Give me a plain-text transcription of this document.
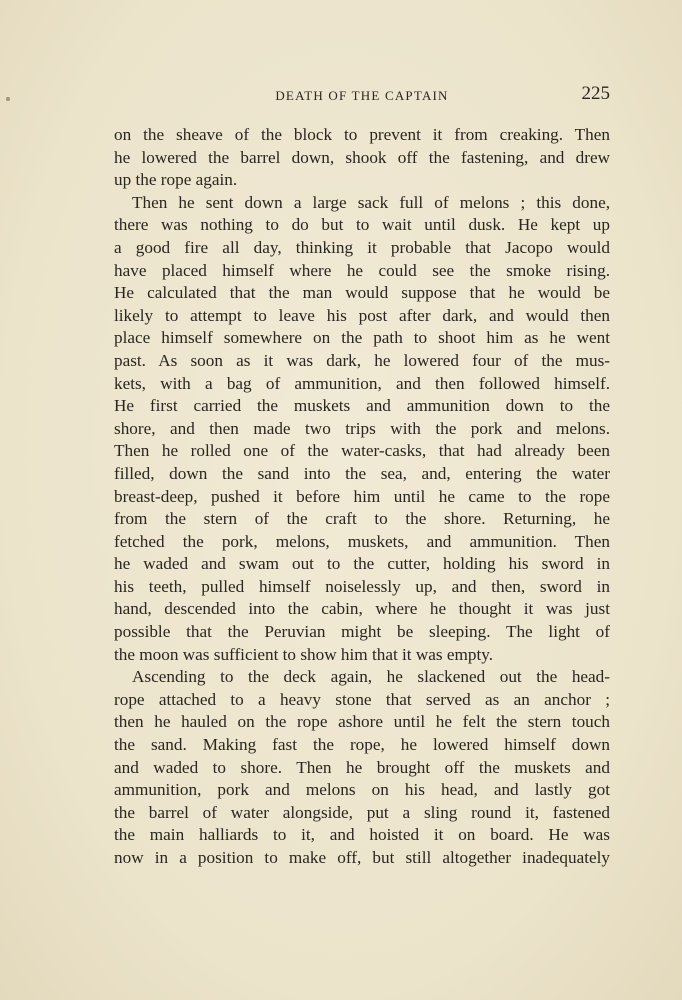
DEATH OF THE CAPTAIN	225
on the sheave of the block to prevent it from creaking. Then
he lowered the barrel down, shook off the fastening, and drew
up the rope again.
Then he sent down a large sack full of melons ; this done,
there was nothing to do but to wait until dusk. He kept up
a good fire all day, thinking it probable that Jacopo would
have placed himself where he could see the smoke rising.
He calculated that the man would suppose that he would be
likely to attempt to leave his post after dark, and would then
place himself somewhere on the path to shoot him as he went
past. As soon as it was dark, he lowered four of the mus-
kets, with a bag of ammunition, and then followed himself.
He first carried the muskets and ammunition down to the
shore, and then made two trips with the pork and melons.
Then he rolled one of the water-casks, that had already been
filled, down the sand into the sea, and, entering the water
breast-deep, pushed it before him until he came to the rope
from the stern of the craft to the shore. Returning, he
fetched the pork, melons, muskets, and ammunition. Then
he waded and swam out to the cutter, holding his sword in
his teeth, pulled himself noiselessly up, and then, sword in
hand, descended into the cabin, where he thought it was just
possible that the Peruvian might be sleeping. The light of
the moon was sufficient to show him that it was empty.
Ascending to the deck again, he slackened out the head-
rope attached to a heavy stone that served as an anchor ;
then he hauled on the rope ashore until he felt the stern touch
the sand. Making fast the rope, he lowered himself down
and waded to shore. Then he brought off the muskets and
ammunition, pork and melons on his head, and lastly got
the barrel of water alongside, put a sling round it, fastened
the main halliards to it, and hoisted it on board. He was
now in a position to make off, but still altogether inadequately
